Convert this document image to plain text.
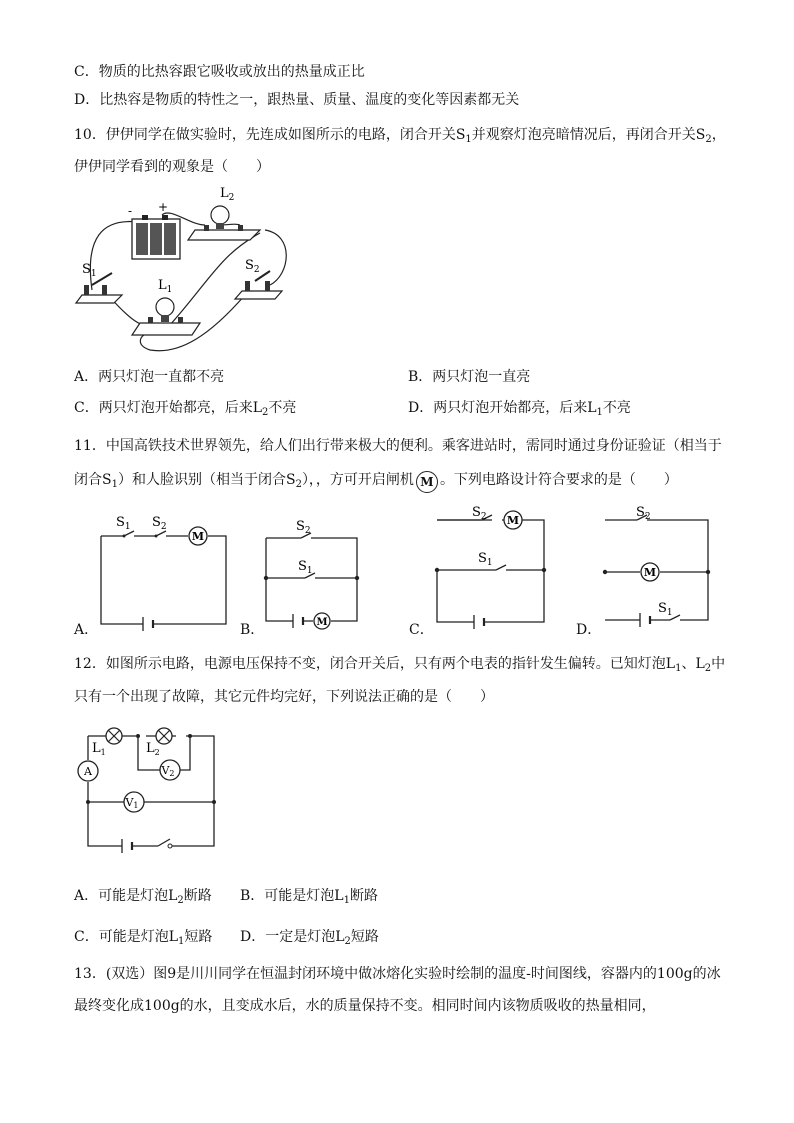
C．物质的比热容跟它吸收或放出的热量成正比
D．比热容是物质的特性之一，跟热量、质量、温度的变化等因素都无关
10．伊伊同学在做实验时，先连成如图所示的电路，闭合开关$S_1$并观察灯泡亮暗情况后，再闭合开关$S_2$，
伊伊同学看到的观象是（　　）
- +
$L_2$
$S_1$
$S_2$
$L_1$
A．两只灯泡一直都不亮	B．两只灯泡一直亮
C．两只灯泡开始都亮，后来$L_2$不亮	D．两只灯泡开始都亮，后来$L_1$不亮
11．中国高铁技术世界领先，给人们出行带来极大的便利。乘客进站时，需同时通过身份证验证（相当于
闭合$S_1$）和人脸识别（相当于闭合$S_2$），，方可开启闸机 M 。下列电路设计符合要求的是（　　）
M
$S_1$ $S_2$
A．	M
$S_2$
$S_1$
B．
M
$S_2$
$S_1$
C．
M
$S_2$
$S_1$
D．
12．如图所示电路，电源电压保持不变，闭合开关后，只有两个电表的指针发生偏转。已知灯泡$L_1$、$L_2$中
只有一个出现了故障，其它元件均完好，下列说法正确的是（　　）
V2
A
V1
$L_1$	$L_2$
A．可能是灯泡$L_2$断路 B．可能是灯泡$L_1$断路
C．可能是灯泡$L_1$短路 D．一定是灯泡$L_2$短路
13．(双选）图9是川川同学在恒温封闭环境中做冰熔化实验时绘制的温度-时间图线，容器内的100g的冰
最终变化成100g的水，且变成水后，水的质量保持不变。相同时间内该物质吸收的热量相同，
